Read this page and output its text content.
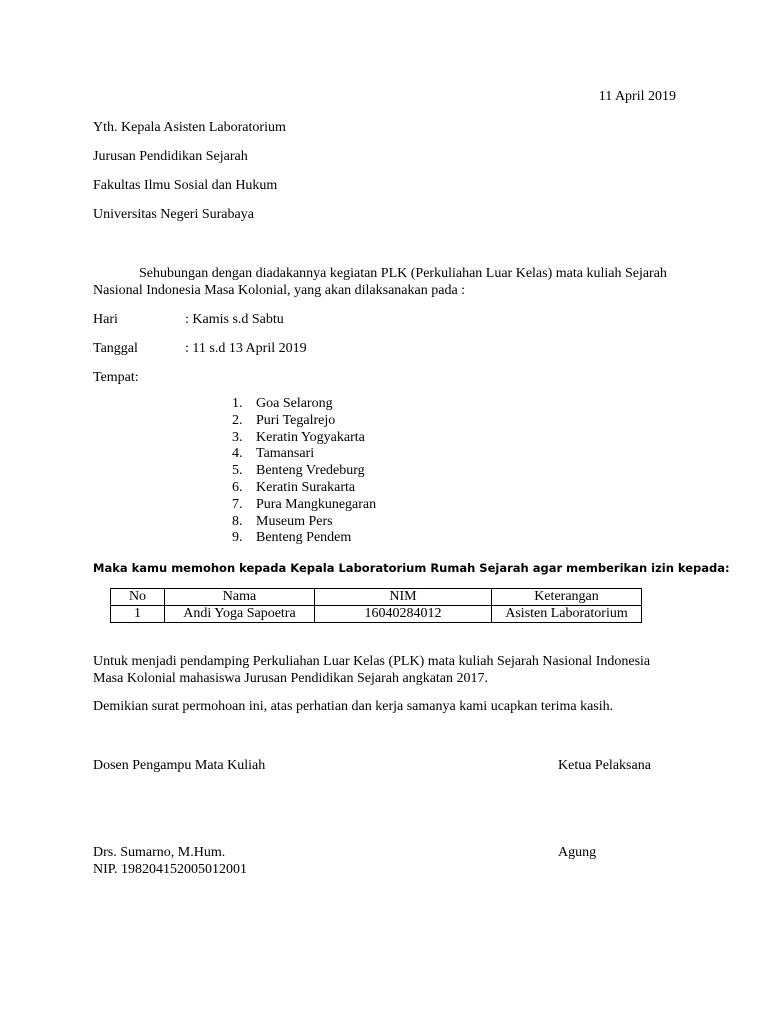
11 April 2019
Yth. Kepala Asisten Laboratorium
Jurusan Pendidikan Sejarah
Fakultas Ilmu Sosial dan Hukum
Universitas Negeri Surabaya
Sehubungan dengan diadakannya kegiatan PLK (Perkuliahan Luar Kelas) mata kuliah Sejarah Nasional Indonesia Masa Kolonial, yang akan dilaksanakan pada :
Hari	: Kamis s.d Sabtu
Tanggal	: 11 s.d 13 April 2019
Tempat:
1. Goa Selarong
2. Puri Tegalrejo
3. Keratin Yogyakarta
4. Tamansari
5. Benteng Vredeburg
6. Keratin Surakarta
7. Pura Mangkunegaran
8. Museum Pers
9. Benteng Pendem
Maka kamu memohon kepada Kepala Laboratorium Rumah Sejarah agar memberikan izin kepada:
No	Nama	NIM	Keterangan
1	Andi Yoga Sapoetra	16040284012	Asisten Laboratorium
Untuk menjadi pendamping Perkuliahan Luar Kelas (PLK) mata kuliah Sejarah Nasional Indonesia Masa Kolonial mahasiswa Jurusan Pendidikan Sejarah angkatan 2017.
Demikian surat permohoan ini, atas perhatian dan kerja samanya kami ucapkan terima kasih.
Dosen Pengampu Mata Kuliah	Ketua Pelaksana
Drs. Sumarno, M.Hum.	Agung
NIP. 198204152005012001
